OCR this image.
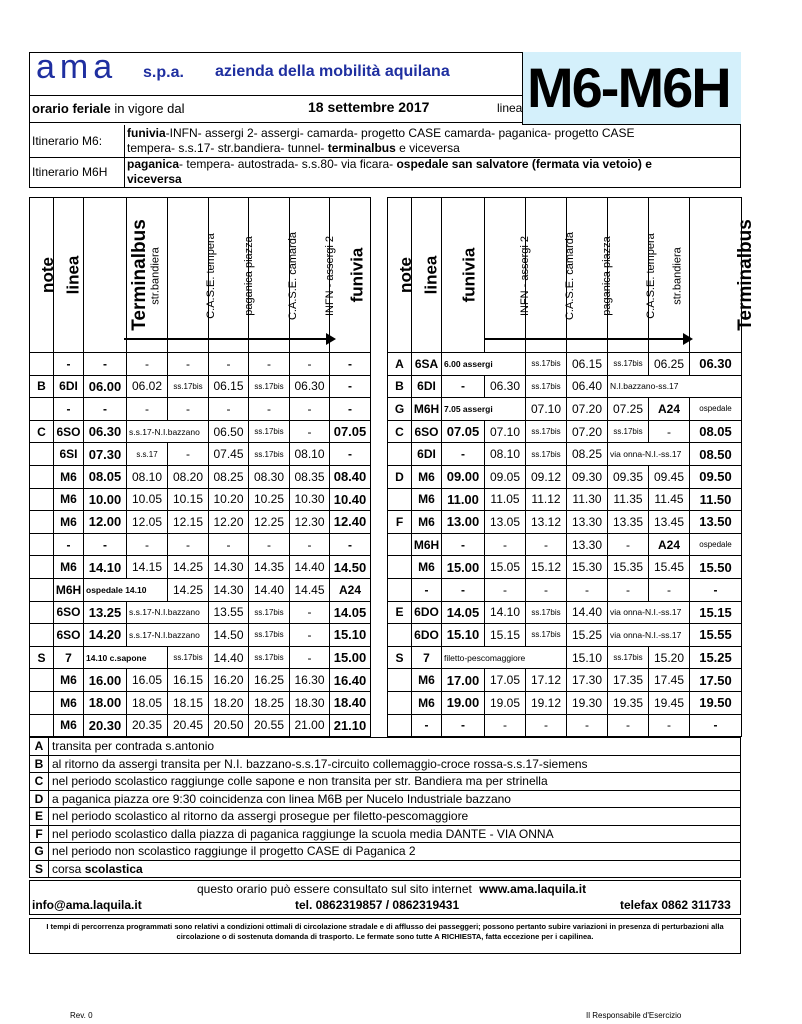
ama s.p.a. azienda della mobilità aquilana M6-M6H
orario feriale in vigore dal	18 settembre 2017	linea
Itinerario M6:
funivia-INFN- assergi 2- assergi- camarda- progetto CASE camarda- paganica- progetto CASE
tempera- s.s.17- str.bandiera- tunnel- terminalbus e viceversa
Itinerario M6H
paganica- tempera- autostrada- s.s.80- via ficara- ospedale san salvatore (fermata via vetoio) e
viceversa
note	linea	Terminalbus	str.bandiera	C.A.S.E. tempera	paganica piazza	C.A.S.E. camarda	INFN - assergi 2	funivia
	-	-	-	-	-	-	-	-
B	6DI	06.00	06.02	ss.17bis	06.15	ss.17bis	06.30	-
	-	-	-	-	-	-	-	-
C	6SO	06.30	s.s.17-N.I.bazzano		06.50	ss.17bis	-	07.05
	6SI	07.30	s.s.17	-	07.45	ss.17bis	08.10	-
	M6	08.05	08.10	08.20	08.25	08.30	08.35	08.40
	M6	10.00	10.05	10.15	10.20	10.25	10.30	10.40
	M6	12.00	12.05	12.15	12.20	12.25	12.30	12.40
	-	-	-	-	-	-	-	-
	M6	14.10	14.15	14.25	14.30	14.35	14.40	14.50
	M6H	ospedale 14.10		14.25	14.30	14.40	14.45	A24
	6SO	13.25	s.s.17-N.I.bazzano		13.55	ss.17bis	-	14.05
	6SO	14.20	s.s.17-N.I.bazzano		14.50	ss.17bis	-	15.10
S	7	14.10 c.sapone		ss.17bis	14.40	ss.17bis	-	15.00
	M6	16.00	16.05	16.15	16.20	16.25	16.30	16.40
	M6	18.00	18.05	18.15	18.20	18.25	18.30	18.40
	M6	20.30	20.35	20.45	20.50	20.55	21.00	21.10
note	linea	funivia	INFN - assergi 2	C.A.S.E. camarda	paganica piazza	C.A.S.E. tempera	str.bandiera	Terminalbus
A	6SA	6.00 assergi		ss.17bis	06.15	ss.17bis	06.25	06.30
B	6DI	-	06.30	ss.17bis	06.40	N.I.bazzano-ss.17		
G	M6H	7.05 assergi		07.10	07.20	07.25	A24	ospedale
C	6SO	07.05	07.10	ss.17bis	07.20	ss.17bis	-	08.05
	6DI	-	08.10	ss.17bis	08.25	via onna-N.I.-ss.17		08.50
D	M6	09.00	09.05	09.12	09.30	09.35	09.45	09.50
	M6	11.00	11.05	11.12	11.30	11.35	11.45	11.50
F	M6	13.00	13.05	13.12	13.30	13.35	13.45	13.50
	M6H	-	-	-	13.30	-	A24	ospedale
	M6	15.00	15.05	15.12	15.30	15.35	15.45	15.50
	-	-	-	-	-	-	-	-
E	6DO	14.05	14.10	ss.17bis	14.40	via onna-N.I.-ss.17		15.15
	6DO	15.10	15.15	ss.17bis	15.25	via onna-N.I.-ss.17		15.55
S	7	filetto-pescomaggiore			15.10	ss.17bis	15.20	15.25
	M6	17.00	17.05	17.12	17.30	17.35	17.45	17.50
	M6	19.00	19.05	19.12	19.30	19.35	19.45	19.50
	-	-	-	-	-	-	-	-
A	transita per contrada s.antonio
B	al ritorno da assergi transita per N.I. bazzano-s.s.17-circuito collemaggio-croce rossa-s.s.17-siemens
C	nel periodo scolastico raggiunge colle sapone e non transita per str. Bandiera ma per strinella
D	a paganica piazza ore 9:30 coincidenza con linea M6B per Nucelo Industriale bazzano
E	nel periodo scolastico al ritorno da assergi prosegue per filetto-pescomaggiore
F	nel periodo scolastico dalla piazza di paganica raggiunge la scuola media DANTE - VIA ONNA
G	nel periodo non scolastico raggiunge il progetto CASE di Paganica 2
S	corsa scolastica
questo orario può essere consultato sul sito internet www.ama.laquila.it
info@ama.laquila.it	tel. 0862319857 / 0862319431	telefax 0862 311733
I tempi di percorrenza programmati sono relativi a condizioni ottimali di circolazione stradale e di afflusso dei passeggeri; possono pertanto subire variazioni in presenza di perturbazioni alla
circolazione o di sostenuta domanda di trasporto. Le fermate sono tutte A RICHIESTA, fatta eccezione per i capilinea.
Rev. 0	Il Responsabile d'Esercizio
